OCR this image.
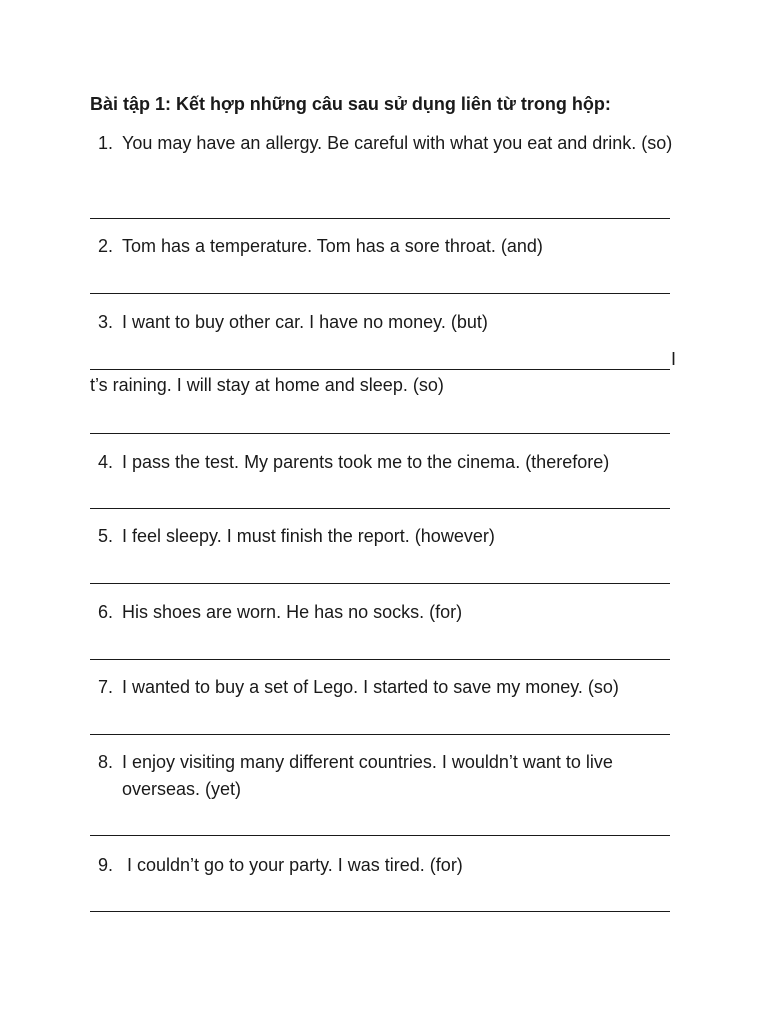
Bài tập 1: Kết hợp những câu sau sử dụng liên từ trong hộp:
1. You may have an allergy. Be careful with what you eat and drink. (so)
2. Tom has a temperature. Tom has a sore throat. (and)
3. I want to buy other car. I have no money. (but)
I
t’s raining. I will stay at home and sleep. (so)
4. I pass the test. My parents took me to the cinema. (therefore)
5. I feel sleepy. I must finish the report. (however)
6. His shoes are worn. He has no socks. (for)
7. I wanted to buy a set of Lego. I started to save my money. (so)
8. I enjoy visiting many different countries. I wouldn’t want to live overseas. (yet)
9. I couldn’t go to your party. I was tired. (for)
